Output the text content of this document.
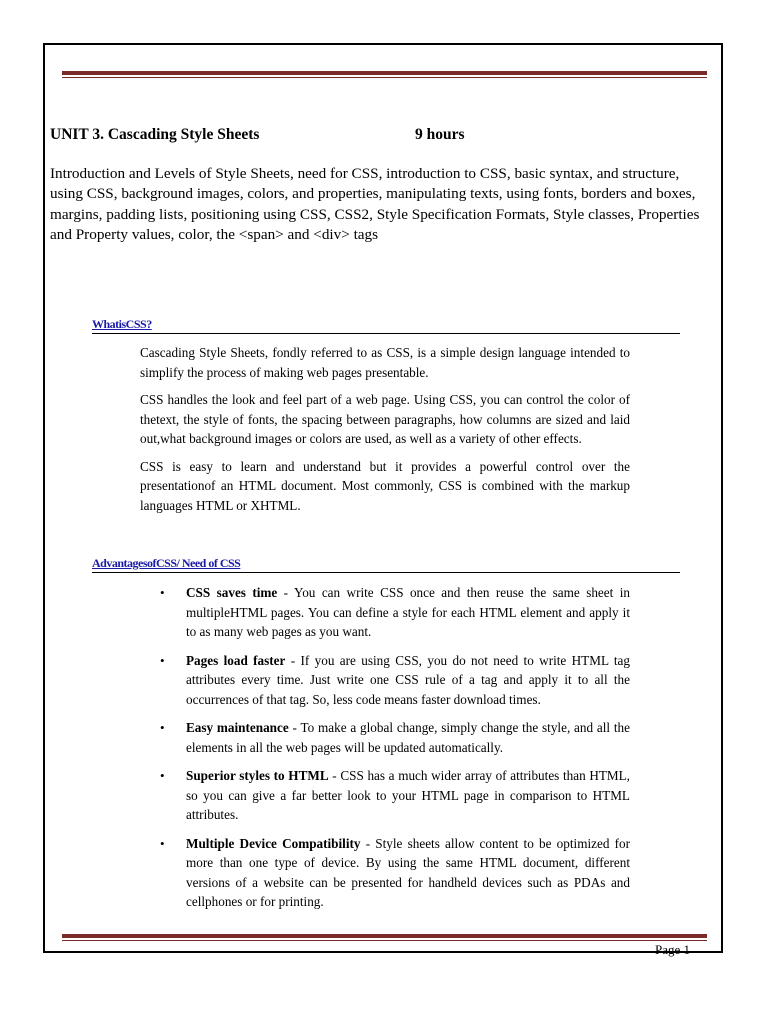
UNIT 3. Cascading Style Sheets	9 hours

Introduction and Levels of Style Sheets, need for CSS, introduction to CSS, basic syntax, and structure, using CSS, background images, colors, and properties, manipulating texts, using fonts, borders and boxes, margins, padding lists, positioning using CSS, CSS2, Style Specification Formats, Style classes, Properties and Property values, color, the <span> and <div> tags

WhatisCSS?

Cascading Style Sheets, fondly referred to as CSS, is a simple design language intended to simplify the process of making web pages presentable.

CSS handles the look and feel part of a web page. Using CSS, you can control the color of thetext, the style of fonts, the spacing between paragraphs, how columns are sized and laid out,what background images or colors are used, as well as a variety of other effects.

CSS is easy to learn and understand but it provides a powerful control over the presentationof an HTML document. Most commonly, CSS is combined with the markup languages HTML or XHTML.

AdvantagesofCSS/ Need of CSS
• CSS saves time - You can write CSS once and then reuse the same sheet in multipleHTML pages. You can define a style for each HTML element and apply it to as many web pages as you want.
• Pages load faster - If you are using CSS, you do not need to write HTML tag attributes every time. Just write one CSS rule of a tag and apply it to all the occurrences of that tag. So, less code means faster download times.
• Easy maintenance - To make a global change, simply change the style, and all the elements in all the web pages will be updated automatically.
• Superior styles to HTML - CSS has a much wider array of attributes than HTML, so you can give a far better look to your HTML page in comparison to HTML attributes.
• Multiple Device Compatibility - Style sheets allow content to be optimized for more than one type of device. By using the same HTML document, different versions of a website can be presented for handheld devices such as PDAs and cellphones or for printing.
Page 1
